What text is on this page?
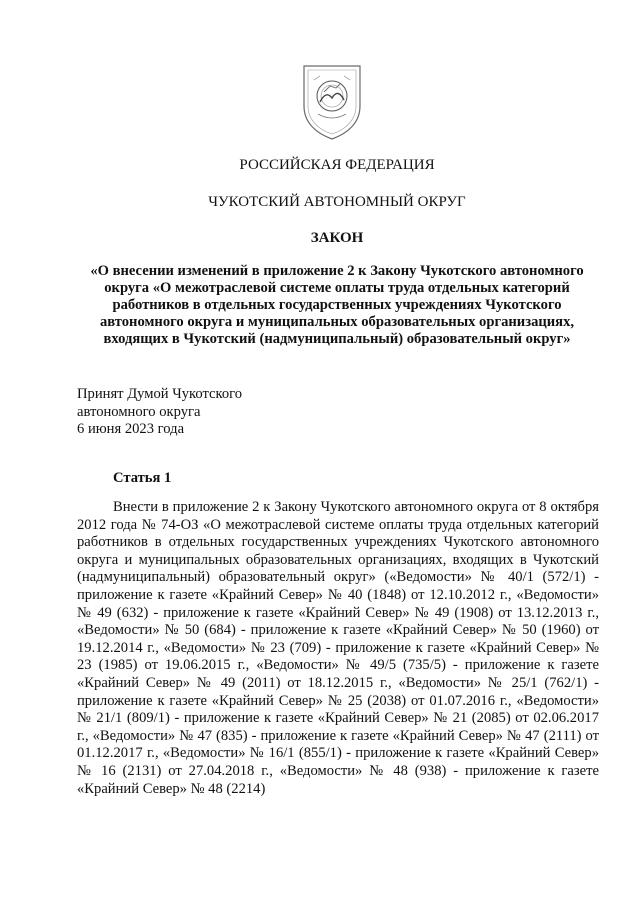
РОССИЙСКАЯ ФЕДЕРАЦИЯ

ЧУКОТСКИЙ АВТОНОМНЫЙ ОКРУГ

ЗАКОН

«О внесении изменений в приложение 2 к Закону Чукотского автономного округа «О межотраслевой системе оплаты труда отдельных категорий работников в отдельных государственных учреждениях Чукотского автономного округа и муниципальных образовательных организациях, входящих в Чукотский (надмуниципальный) образовательный округ»

Принят Думой Чукотского
автономного округа
6 июня 2023 года

Статья 1

Внести в приложение 2 к Закону Чукотского автономного округа от 8 октября 2012 года № 74-ОЗ «О межотраслевой системе оплаты труда отдельных категорий работников в отдельных государственных учреждениях Чукотского автономного округа и муниципальных образовательных организациях, входящих в Чукотский (надмуниципальный) образовательный округ» («Ведомости» № 40/1 (572/1) - приложение к газете «Крайний Север» № 40 (1848) от 12.10.2012 г., «Ведомости» № 49 (632) - приложение к газете «Крайний Север» № 49 (1908) от 13.12.2013 г., «Ведомости» № 50 (684) - приложение к газете «Крайний Север» № 50 (1960) от 19.12.2014 г., «Ведомости» № 23 (709) - приложение к газете «Крайний Север» № 23 (1985) от 19.06.2015 г., «Ведомости» № 49/5 (735/5) - приложение к газете «Крайний Север» № 49 (2011) от 18.12.2015 г., «Ведомости» № 25/1 (762/1) - приложение к газете «Крайний Север» № 25 (2038) от 01.07.2016 г., «Ведомости» № 21/1 (809/1) - приложение к газете «Крайний Север» № 21 (2085) от 02.06.2017 г., «Ведомости» № 47 (835) - приложение к газете «Крайний Север» № 47 (2111) от 01.12.2017 г., «Ведомости» № 16/1 (855/1) - приложение к газете «Крайний Север» № 16 (2131) от 27.04.2018 г., «Ведомости» № 48 (938) - приложение к газете «Крайний Север» № 48 (2214)
